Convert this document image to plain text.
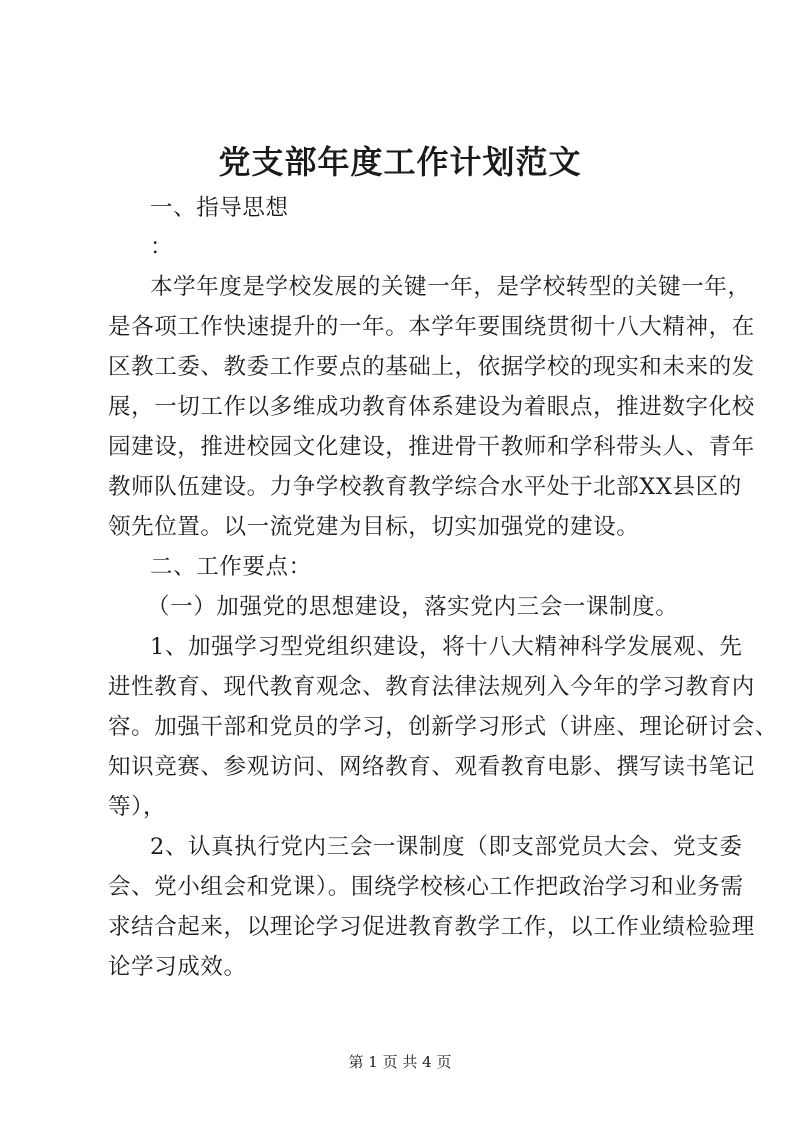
党支部年度工作计划范文
一、指导思想
：
本学年度是学校发展的关键一年，是学校转型的关键一年，
是各项工作快速提升的一年。本学年要围绕贯彻十八大精神，在
区教工委、教委工作要点的基础上，依据学校的现实和未来的发
展，一切工作以多维成功教育体系建设为着眼点，推进数字化校
园建设，推进校园文化建设，推进骨干教师和学科带头人、青年
教师队伍建设。力争学校教育教学综合水平处于北部XX县区的
领先位置。以一流党建为目标，切实加强党的建设。
二、工作要点：
（一）加强党的思想建设，落实党内三会一课制度。
1、加强学习型党组织建设，将十八大精神科学发展观、先
进性教育、现代教育观念、教育法律法规列入今年的学习教育内
容。加强干部和党员的学习，创新学习形式（讲座、理论研讨会、
知识竞赛、参观访问、网络教育、观看教育电影、撰写读书笔记
等），
2、认真执行党内三会一课制度（即支部党员大会、党支委
会、党小组会和党课）。围绕学校核心工作把政治学习和业务需
求结合起来，以理论学习促进教育教学工作，以工作业绩检验理
论学习成效。
第 1 页 共 4 页
